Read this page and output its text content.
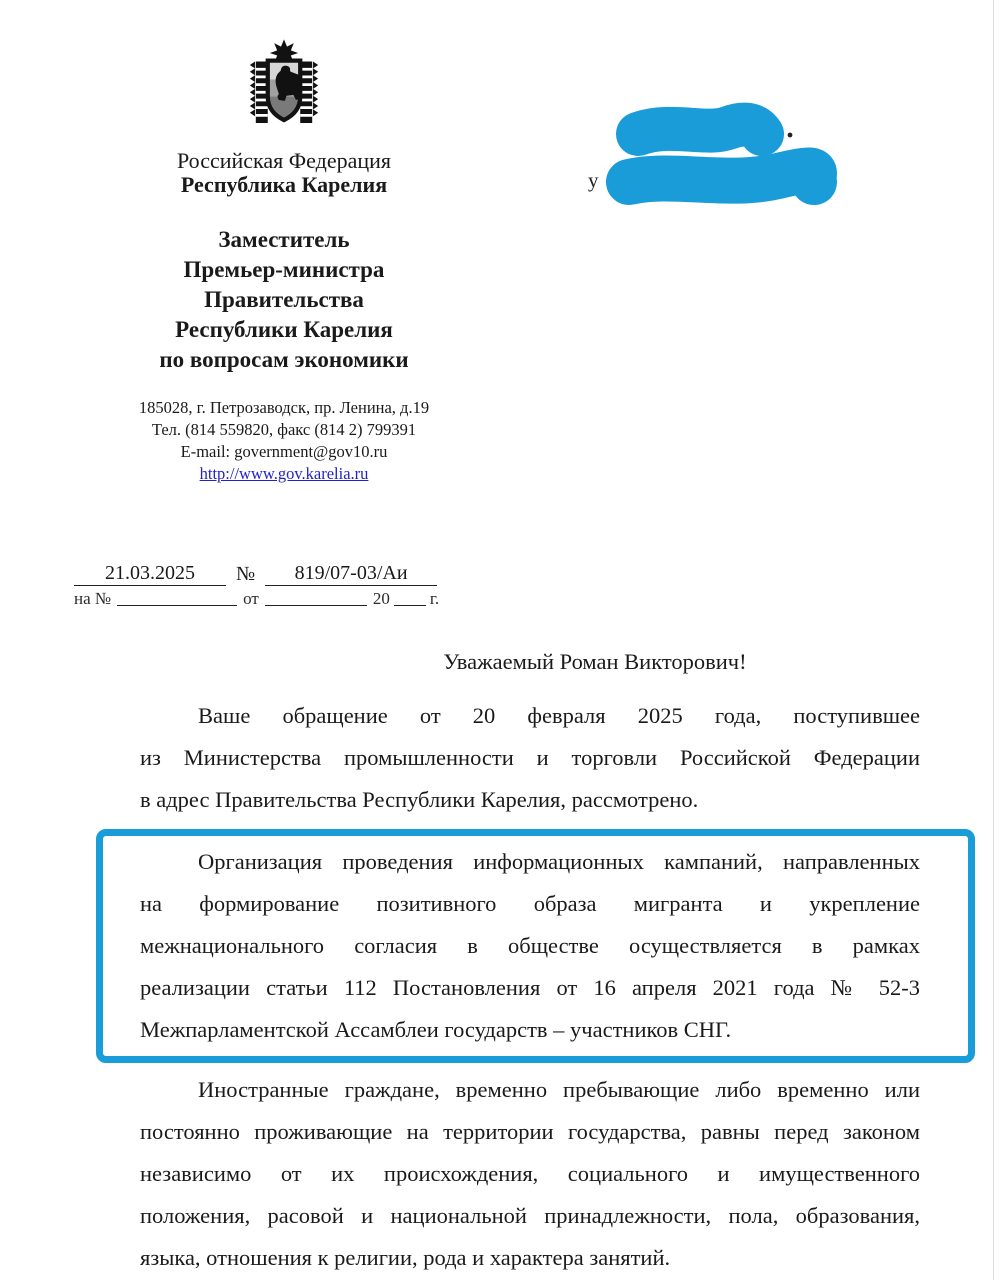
Российская Федерация
Республика Карелия
Заместитель
Премьер-министра
Правительства
Республики Карелия
по вопросам экономики
185028, г. Петрозаводск, пр. Ленина, д.19
Тел. (814 559820, факс (814 2) 799391
E-mail: government@gov10.ru
http://www.gov.karelia.ru
у
21.03.2025	№	819/07-03/Аи
на №	от	20 г.
Уважаемый Роман Викторович!
Ваше обращение от 20 февраля 2025 года, поступившее
из Министерства промышленности и торговли Российской Федерации
в адрес Правительства Республики Карелия, рассмотрено.
Организация проведения информационных кампаний, направленных
на формирование позитивного образа мигранта и укрепление
межнационального согласия в обществе осуществляется в рамках
реализации статьи 112 Постановления от 16 апреля 2021 года № 52-3
Межпарламентской Ассамблеи государств – участников СНГ.
Иностранные граждане, временно пребывающие либо временно или
постоянно проживающие на территории государства, равны перед законом
независимо от их происхождения, социального и имущественного
положения, расовой и национальной принадлежности, пола, образования,
языка, отношения к религии, рода и характера занятий.
